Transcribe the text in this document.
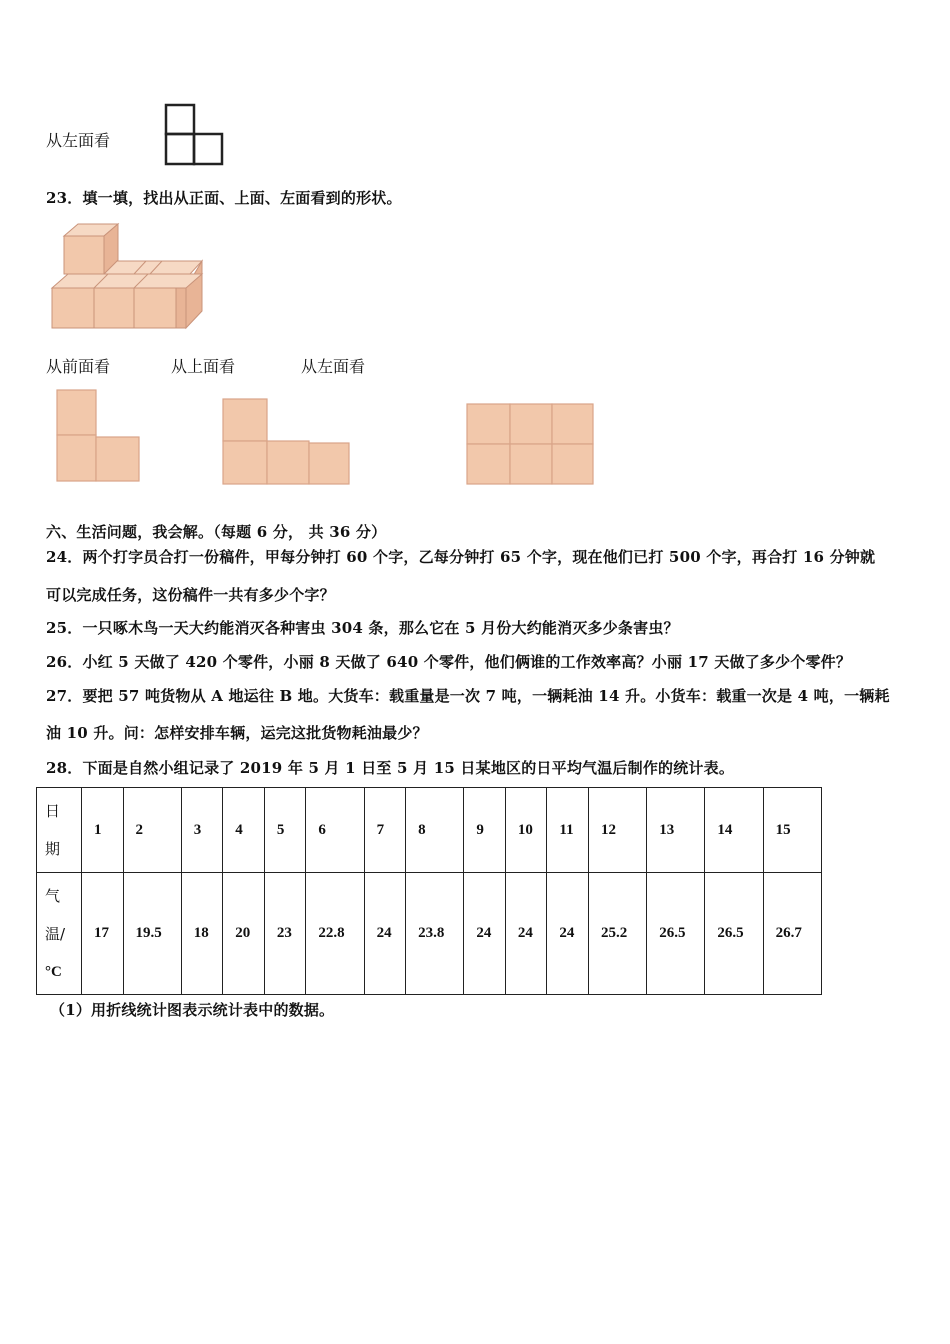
从左面看
23．填一填，找出从正面、上面、左面看到的形状。
从前面看	从上面看	从左面看
六、生活问题，我会解。（每题 6 分， 共 36 分）
24．两个打字员合打一份稿件，甲每分钟打 60 个字，乙每分钟打 65 个字，现在他们已打 500 个字，再合打 16 分钟就
可以完成任务，这份稿件一共有多少个字？
25．一只啄木鸟一天大约能消灭各种害虫 304 条，那么它在 5 月份大约能消灭多少条害虫？
26．小红 5 天做了 420 个零件，小丽 8 天做了 640 个零件，他们俩谁的工作效率高？小丽 17 天做了多少个零件？
27．要把 57 吨货物从 A 地运往 B 地。大货车：载重量是一次 7 吨，一辆耗油 14 升。小货车：载重一次是 4 吨，一辆耗
油 10 升。问：怎样安排车辆，运完这批货物耗油最少？
28．下面是自然小组记录了 2019 年 5 月 1 日至 5 月 15 日某地区的日平均气温后制作的统计表。
日
期	1	2	3	4	5	6	7	8	9	10	11	12	13	14	15

气
温/
°C	17	19.5	18	20	23	22.8	24	23.8	24	24	24	25.2	26.5	26.5	26.7
（1）用折线统计图表示统计表中的数据。
